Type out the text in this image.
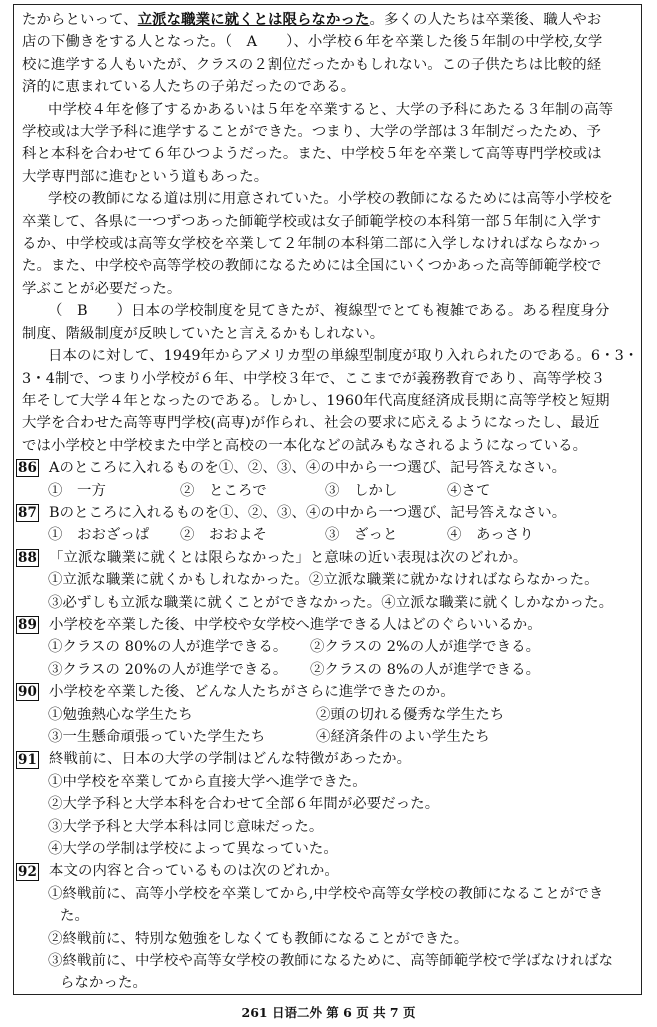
たからといって、立派な職業に就くとは限らなかった。多くの人たちは卒業後、職人やお
店の下働きをする人となった。（　A　　）、小学校６年を卒業した後５年制の中学校,女学
校に進学する人もいたが、クラスの２割位だったかもしれない。この子供たちは比較的経
済的に恵まれている人たちの子弟だったのである。
中学校４年を修了するかあるいは５年を卒業すると、大学の予科にあたる３年制の高等
学校或は大学予科に進学することができた。つまり、大学の学部は３年制だったため、予
科と本科を合わせて６年ひつようだった。また、中学校５年を卒業して高等専門学校或は
大学専門部に進むという道もあった。
学校の教師になる道は別に用意されていた。小学校の教師になるためには高等小学校を
卒業して、各県に一つずつあった師範学校或は女子師範学校の本科第一部５年制に入学す
るか、中学校或は高等女学校を卒業して２年制の本科第二部に入学しなければならなかっ
た。また、中学校や高等学校の教師になるためには全国にいくつかあった高等師範学校で
学ぶことが必要だった。
（　B　　）日本の学校制度を見てきたが、複線型でとても複雑である。ある程度身分
制度、階級制度が反映していたと言えるかもしれない。
日本のに対して、1949年からアメリカ型の単線型制度が取り入れられたのである。6・3・
3・4制で、つまり小学校が６年、中学校３年で、ここまでが義務教育であり、高等学校３
年そして大学４年となったのである。しかし、1960年代高度経済成長期に高等学校と短期
大学を合わせた高等専門学校(高専)が作られ、社会の要求に応えるようになったし、最近
では小学校と中学校また中学と高校の一本化などの試みもなされるようになっている。
86 Aのところに入れるものを①、②、③、④の中から一つ選び、記号答えなさい。
①　一方	②　ところで	③　しかし	④さて
87 Bのところに入れるものを①、②、③、④の中から一つ選び、記号答えなさい。
①　おおざっぱ	②　おおよそ	③　ざっと	④　あっさり
88 「立派な職業に就くとは限らなかった」と意味の近い表現は次のどれか。
①立派な職業に就くかもしれなかった。②立派な職業に就かなければならなかった。
③必ずしも立派な職業に就くことができなかった。④立派な職業に就くしかなかった。
89 小学校を卒業した後、中学校や女学校へ進学できる人はどのぐらいいるか。
①クラスの 80%の人が進学できる。	②クラスの 2%の人が進学できる。
③クラスの 20%の人が進学できる。	②クラスの 8%の人が進学できる。
90 小学校を卒業した後、どんな人たちがさらに進学できたのか。
①勉強熱心な学生たち	②頭の切れる優秀な学生たち
③一生懸命頑張っていた学生たち	④経済条件のよい学生たち
91 終戦前に、日本の大学の学制はどんな特徴があったか。
①中学校を卒業してから直接大学へ進学できた。
②大学予科と大学本科を合わせて全部６年間が必要だった。
③大学予科と大学本科は同じ意味だった。
④大学の学制は学校によって異なっていた。
92 本文の内容と合っているものは次のどれか。
①終戦前に、高等小学校を卒業してから,中学校や高等女学校の教師になることができ
た。
②終戦前に、特別な勉強をしなくても教師になることができた。
③終戦前に、中学校や高等女学校の教師になるために、高等師範学校で学ばなければな
らなかった。
261 日语二外 第 6 页 共 7 页
